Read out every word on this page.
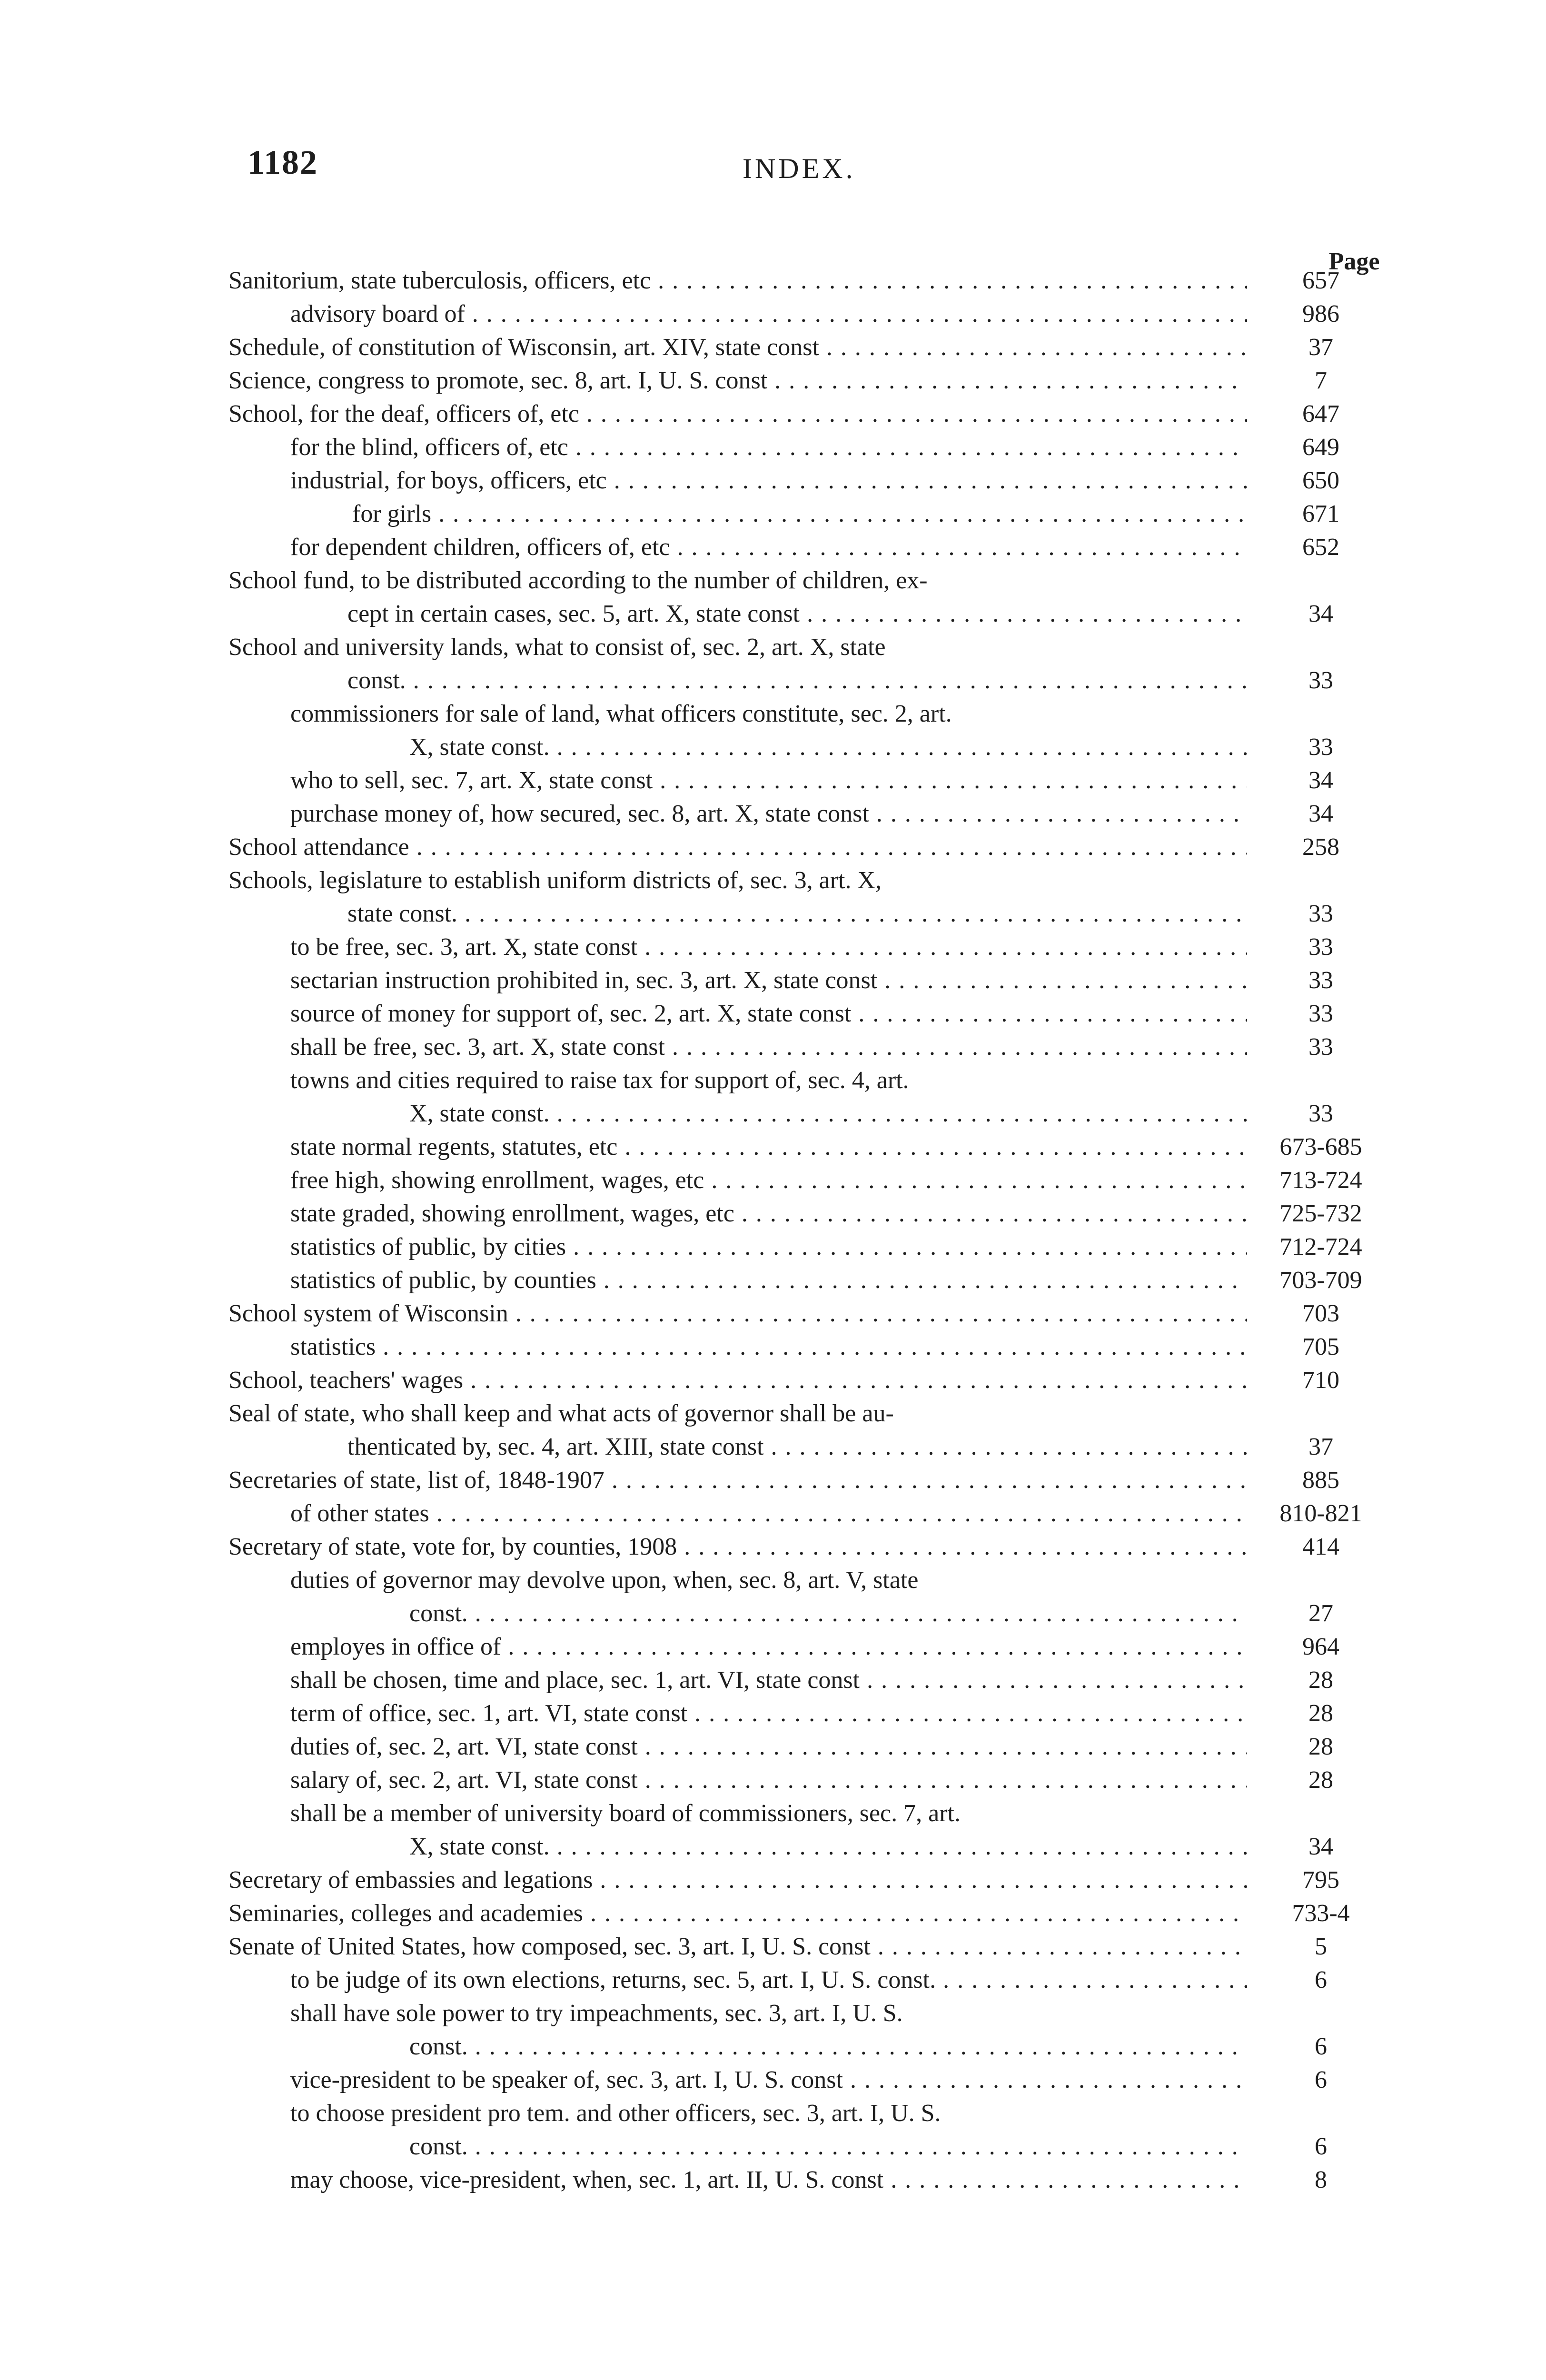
1182	INDEX.
Page
Sanitorium, state tuberculosis, officers, etc . . .	657
advisory board of . . .	986
Schedule, of constitution of Wisconsin, art. XIV, state const . . .	37
Science, congress to promote, sec. 8, art. I, U. S. const . . .	7
School, for the deaf, officers of, etc . . .	647
for the blind, officers of, etc . . .	649
industrial, for boys, officers, etc . . .	650
for girls . . .	671
for dependent children, officers of, etc . . .	652
School fund, to be distributed according to the number of children, ex-
cept in certain cases, sec. 5, art. X, state const . . .	34
School and university lands, what to consist of, sec. 2, art. X, state
const. . . .	33
commissioners for sale of land, what officers constitute, sec. 2, art.
X, state const. . . .	33
who to sell, sec. 7, art. X, state const . . .	34
purchase money of, how secured, sec. 8, art. X, state const . . .	34
School attendance . . .	258
Schools, legislature to establish uniform districts of, sec. 3, art. X,
state const. . . .	33
to be free, sec. 3, art. X, state const . . .	33
sectarian instruction prohibited in, sec. 3, art. X, state const . . .	33
source of money for support of, sec. 2, art. X, state const . . .	33
shall be free, sec. 3, art. X, state const . . .	33
towns and cities required to raise tax for support of, sec. 4, art.
X, state const. . . .	33
state normal regents, statutes, etc . . .	673-685
free high, showing enrollment, wages, etc . . .	713-724
state graded, showing enrollment, wages, etc . . .	725-732
statistics of public, by cities . . .	712-724
statistics of public, by counties . . .	703-709
School system of Wisconsin . . .	703
statistics . . .	705
School, teachers' wages . . .	710
Seal of state, who shall keep and what acts of governor shall be au-
thenticated by, sec. 4, art. XIII, state const . . .	37
Secretaries of state, list of, 1848-1907 . . .	885
of other states . . .	810-821
Secretary of state, vote for, by counties, 1908 . . .	414
duties of governor may devolve upon, when, sec. 8, art. V, state
const. . . .	27
employes in office of . . .	964
shall be chosen, time and place, sec. 1, art. VI, state const . . .	28
term of office, sec. 1, art. VI, state const . . .	28
duties of, sec. 2, art. VI, state const . . .	28
salary of, sec. 2, art. VI, state const . . .	28
shall be a member of university board of commissioners, sec. 7, art.
X, state const. . . .	34
Secretary of embassies and legations . . .	795
Seminaries, colleges and academies . . .	733-4
Senate of United States, how composed, sec. 3, art. I, U. S. const . . .	5
to be judge of its own elections, returns, sec. 5, art. I, U. S. const. . . .	6
shall have sole power to try impeachments, sec. 3, art. I, U. S.
const. . . .	6
vice-president to be speaker of, sec. 3, art. I, U. S. const . . .	6
to choose president pro tem. and other officers, sec. 3, art. I, U. S.
const. . . .	6
may choose, vice-president, when, sec. 1, art. II, U. S. const . . .	8
